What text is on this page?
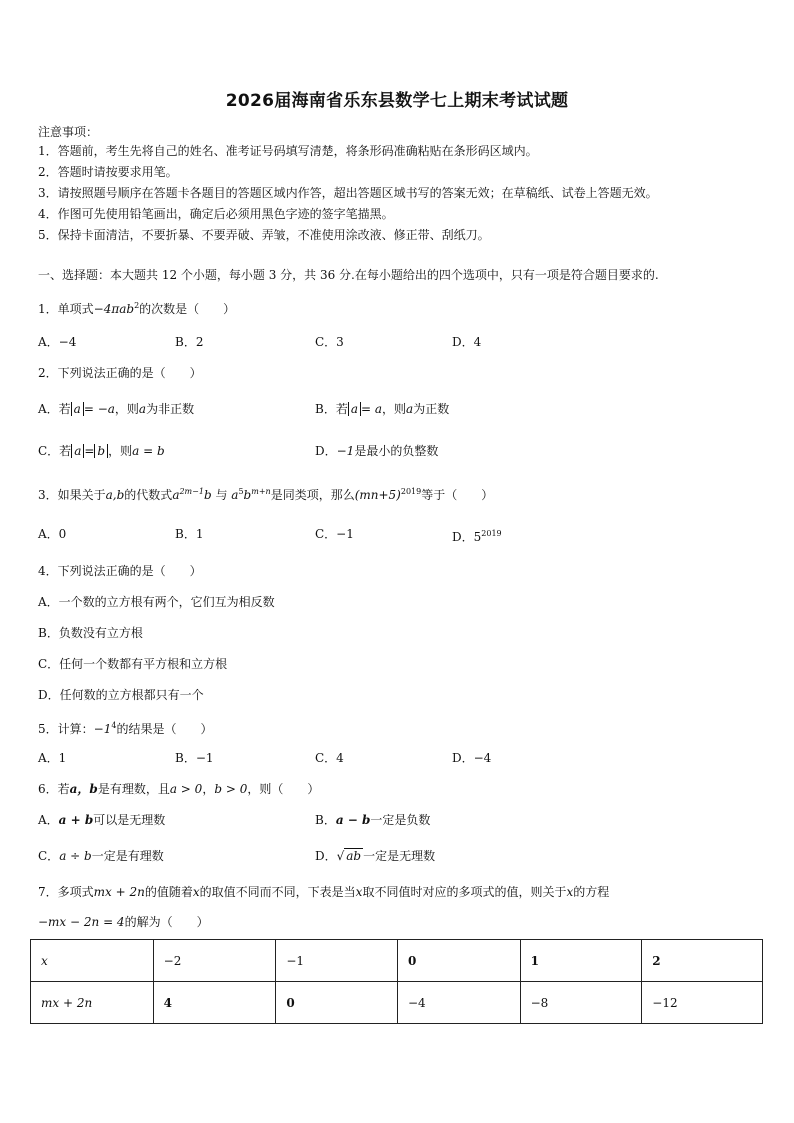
2026届海南省乐东县数学七上期末考试试题
注意事项：
1．答题前，考生先将自己的姓名、准考证号码填写清楚，将条形码准确粘贴在条形码区域内。
2．答题时请按要求用笔。
3．请按照题号顺序在答题卡各题目的答题区域内作答，超出答题区域书写的答案无效；在草稿纸、试卷上答题无效。
4．作图可先使用铅笔画出，确定后必须用黑色字迹的签字笔描黑。
5．保持卡面清洁，不要折暴、不要弄破、弄皱，不准使用涂改液、修正带、刮纸刀。
一、选择题：本大题共 12 个小题，每小题 3 分，共 36 分.在每小题给出的四个选项中，只有一项是符合题目要求的.
1．单项式−4πab$^2$的次数是（　　）
A．−4	B．2	C．3	D．4
2．下列说法正确的是（　　）
A．若 a = −a，则a为非正数	B．若 a = a，则a为正数
C．若 a = b ，则a = b	D．−1是最小的负整数
3．如果关于a,b的代数式$a^{2m-1}b$ 与 $a^5b^{m+n}$是同类项，那么$(mn+5)^{2019}$等于（　　）
A．0	B．1	C．−1	D．$5^{2019}$
4．下列说法正确的是（　　）
A．一个数的立方根有两个，它们互为相反数
B．负数没有立方根
C．任何一个数都有平方根和立方根
D．任何数的立方根都只有一个
5．计算：$-1^4$的结果是（　　）
A．1	B．−1	C．4	D．−4
6．若a，b是有理数，且a > 0，b > 0，则（　　）
A．a + b可以是无理数	B．a − b一定是负数
C．a ÷ b一定是有理数	D．√ ab 一定是无理数
7．多项式mx + 2n的值随着x的取值不同而不同，下表是当x取不同值时对应的多项式的值，则关于x的方程
−mx − 2n = 4的解为（　　）
x	−2	−1	0	1	2
mx + 2n	4	0	−4	−8	−12
